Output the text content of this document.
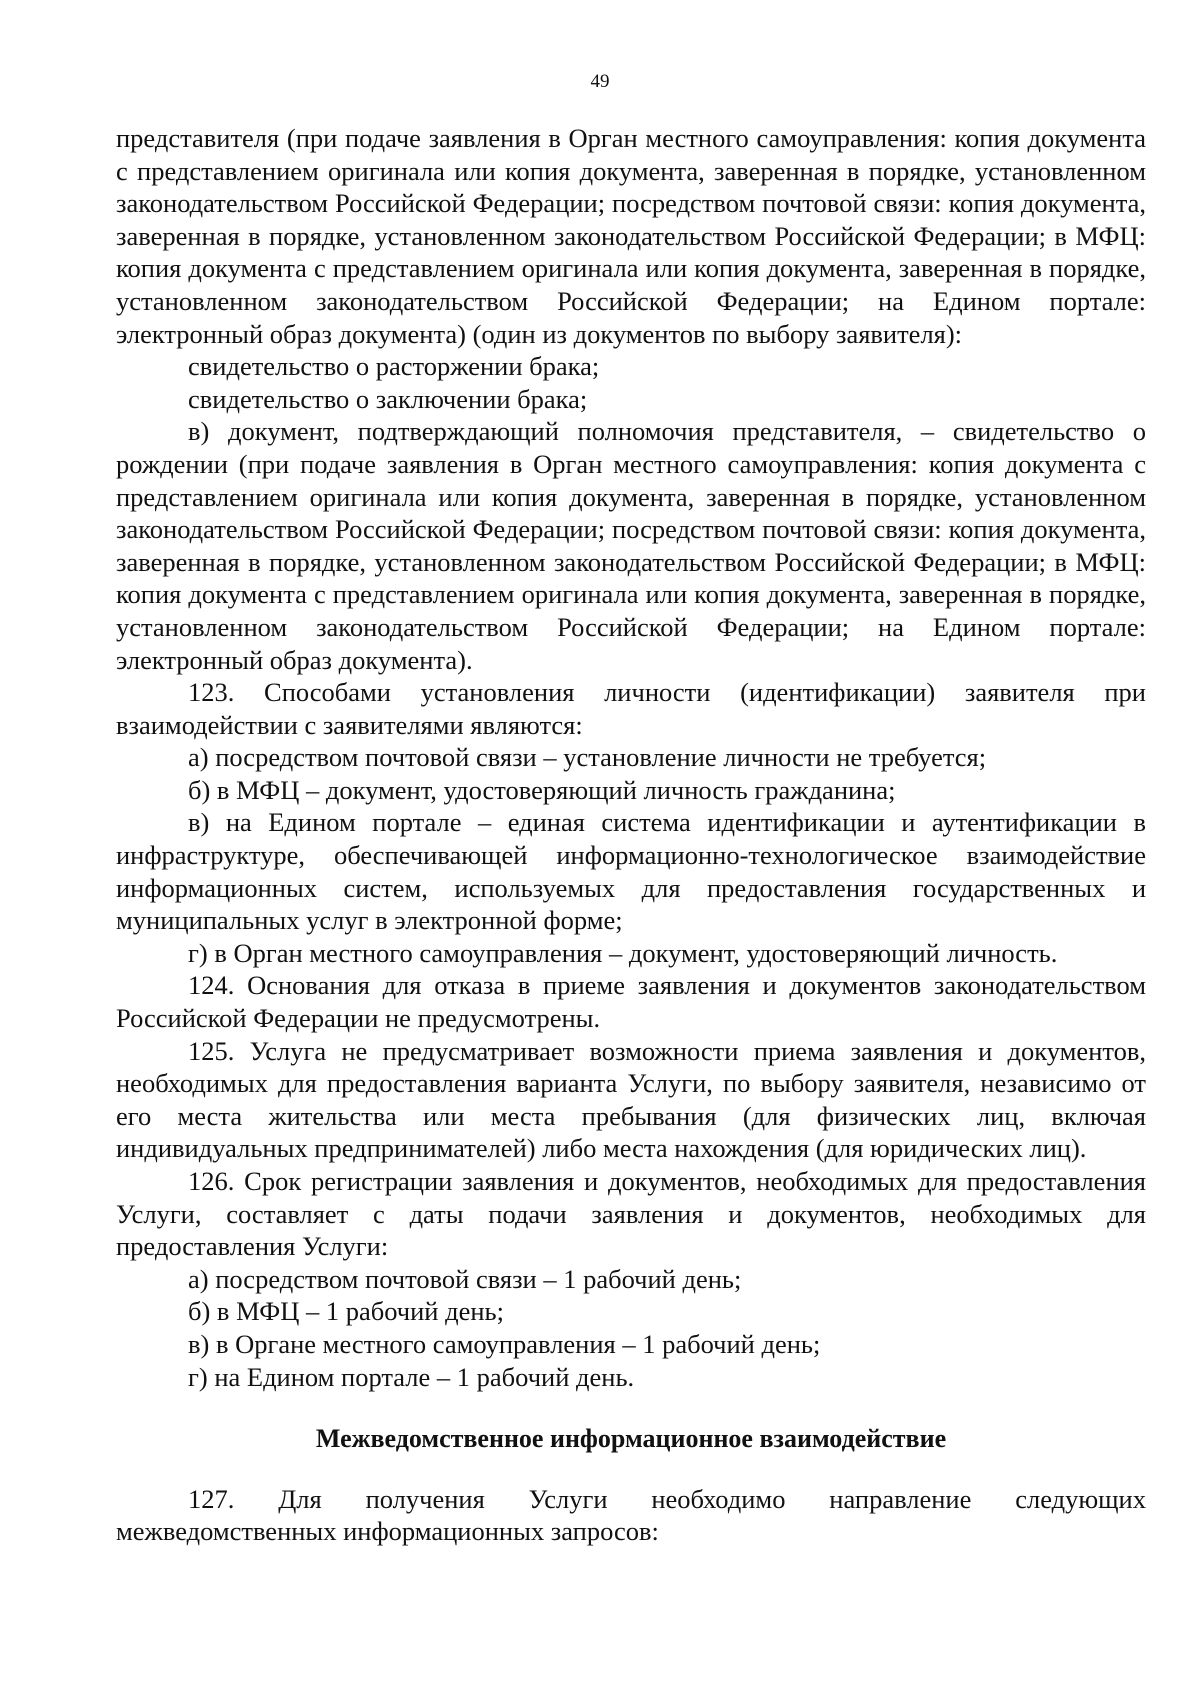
49

представителя (при подаче заявления в Орган местного самоуправления: копия документа с представлением оригинала или копия документа, заверенная в порядке, установленном законодательством Российской Федерации; посредством почтовой связи: копия документа, заверенная в порядке, установленном законодательством Российской Федерации; в МФЦ: копия документа с представлением оригинала или копия документа, заверенная в порядке, установленном законодательством Российской Федерации; на Едином портале: электронный образ документа) (один из документов по выбору заявителя):

свидетельство о расторжении брака;

свидетельство о заключении брака;

в) документ, подтверждающий полномочия представителя, – свидетельство о рождении (при подаче заявления в Орган местного самоуправления: копия документа с представлением оригинала или копия документа, заверенная в порядке, установленном законодательством Российской Федерации; посредством почтовой связи: копия документа, заверенная в порядке, установленном законодательством Российской Федерации; в МФЦ: копия документа с представлением оригинала или копия документа, заверенная в порядке, установленном законодательством Российской Федерации; на Едином портале: электронный образ документа).

123. Способами установления личности (идентификации) заявителя при взаимодействии с заявителями являются:

а) посредством почтовой связи – установление личности не требуется;

б) в МФЦ – документ, удостоверяющий личность гражданина;

в) на Едином портале – единая система идентификации и аутентификации в инфраструктуре, обеспечивающей информационно-технологическое взаимодействие информационных систем, используемых для предоставления государственных и муниципальных услуг в электронной форме;

г) в Орган местного самоуправления – документ, удостоверяющий личность.

124. Основания для отказа в приеме заявления и документов законодательством Российской Федерации не предусмотрены.

125. Услуга не предусматривает возможности приема заявления и документов, необходимых для предоставления варианта Услуги, по выбору заявителя, независимо от его места жительства или места пребывания (для физических лиц, включая индивидуальных предпринимателей) либо места нахождения (для юридических лиц).

126. Срок регистрации заявления и документов, необходимых для предоставления Услуги, составляет с даты подачи заявления и документов, необходимых для предоставления Услуги:

а) посредством почтовой связи – 1 рабочий день;

б) в МФЦ – 1 рабочий день;

в) в Органе местного самоуправления – 1 рабочий день;

г) на Едином портале – 1 рабочий день.

Межведомственное информационное взаимодействие

127. Для получения Услуги необходимо направление следующих межведомственных информационных запросов:
